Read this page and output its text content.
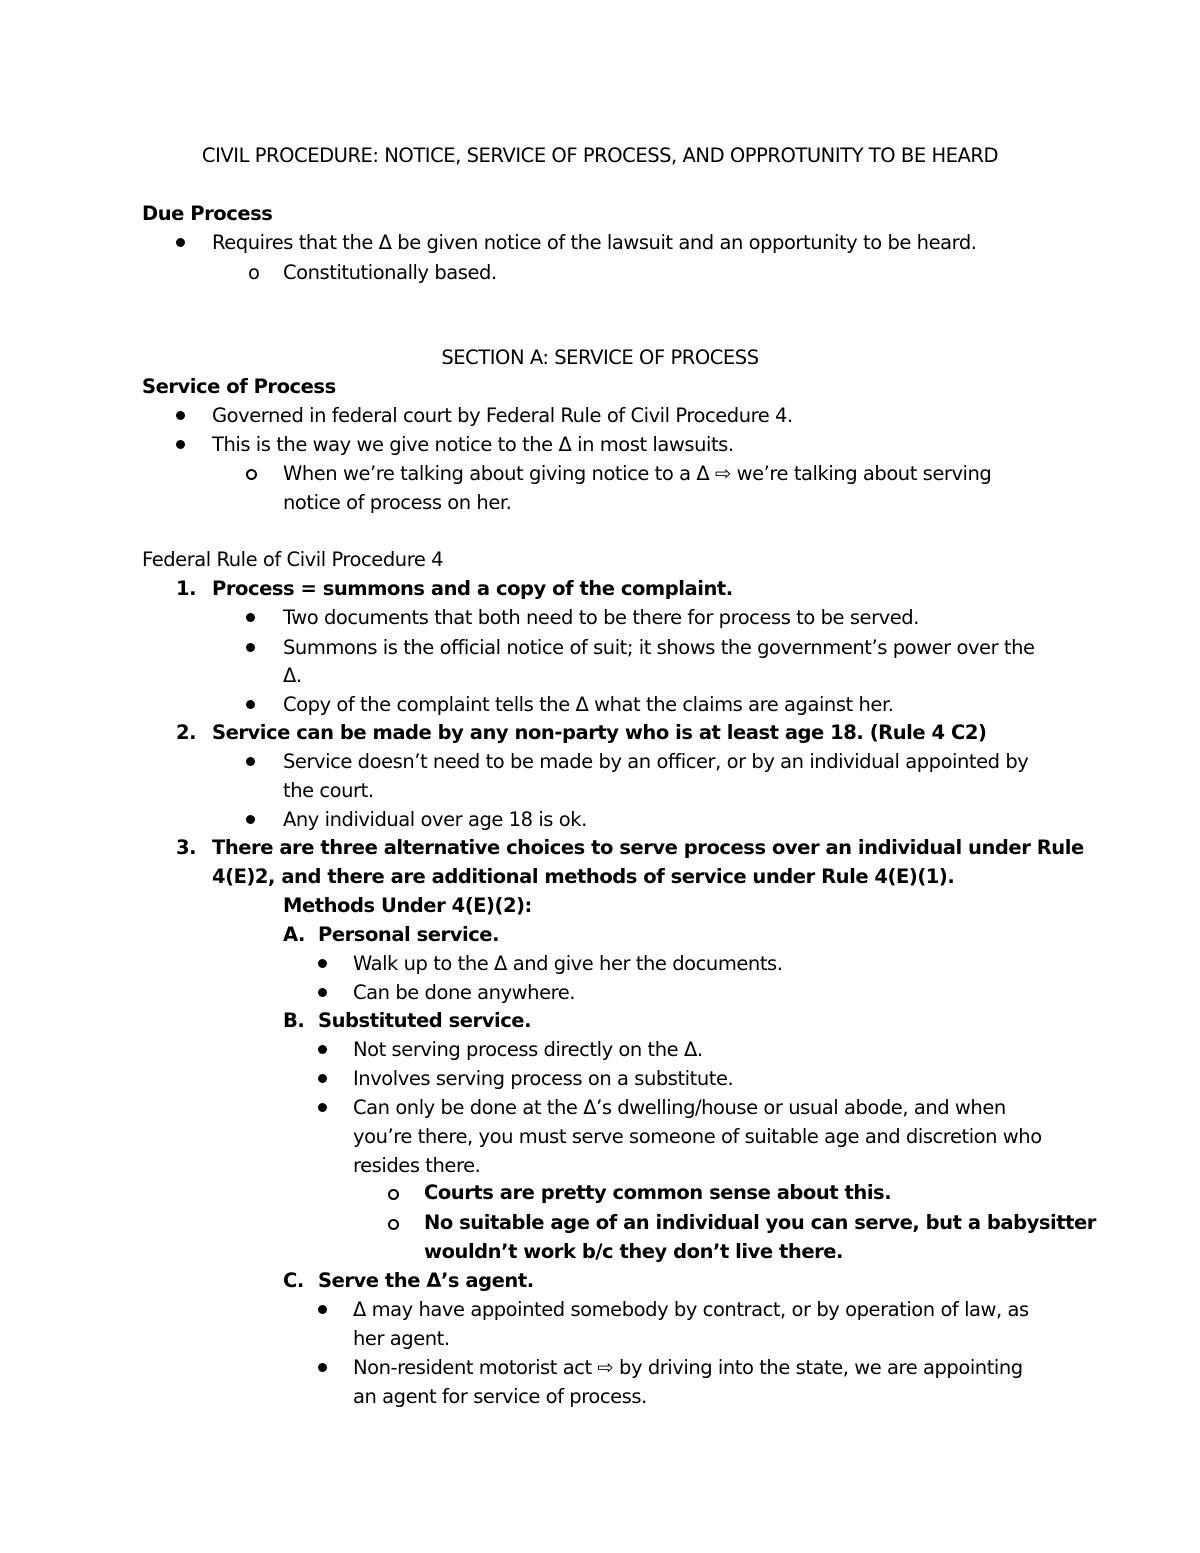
CIVIL PROCEDURE: NOTICE, SERVICE OF PROCESS, AND OPPROTUNITY TO BE HEARD
Due Process
Requires that the Δ be given notice of the lawsuit and an opportunity to be heard.
o Constitutionally based.
SECTION A: SERVICE OF PROCESS
Service of Process
Governed in federal court by Federal Rule of Civil Procedure 4.
This is the way we give notice to the Δ in most lawsuits.
When we’re talking about giving notice to a Δ ⇨ we’re talking about serving
notice of process on her.
Federal Rule of Civil Procedure 4
1. Process = summons and a copy of the complaint.
Two documents that both need to be there for process to be served.
Summons is the official notice of suit; it shows the government’s power over the
Δ.
Copy of the complaint tells the Δ what the claims are against her.
2. Service can be made by any non-party who is at least age 18. (Rule 4 C2)
Service doesn’t need to be made by an officer, or by an individual appointed by
the court.
Any individual over age 18 is ok.
3. There are three alternative choices to serve process over an individual under Rule
4(E)2, and there are additional methods of service under Rule 4(E)(1).
Methods Under 4(E)(2):
A. Personal service.
Walk up to the Δ and give her the documents.
Can be done anywhere.
B. Substituted service.
Not serving process directly on the Δ.
Involves serving process on a substitute.
Can only be done at the Δ’s dwelling/house or usual abode, and when
you’re there, you must serve someone of suitable age and discretion who
resides there.
Courts are pretty common sense about this.
No suitable age of an individual you can serve, but a babysitter
wouldn’t work b/c they don’t live there.
C. Serve the Δ’s agent.
Δ may have appointed somebody by contract, or by operation of law, as
her agent.
Non-resident motorist act ⇨ by driving into the state, we are appointing
an agent for service of process.
